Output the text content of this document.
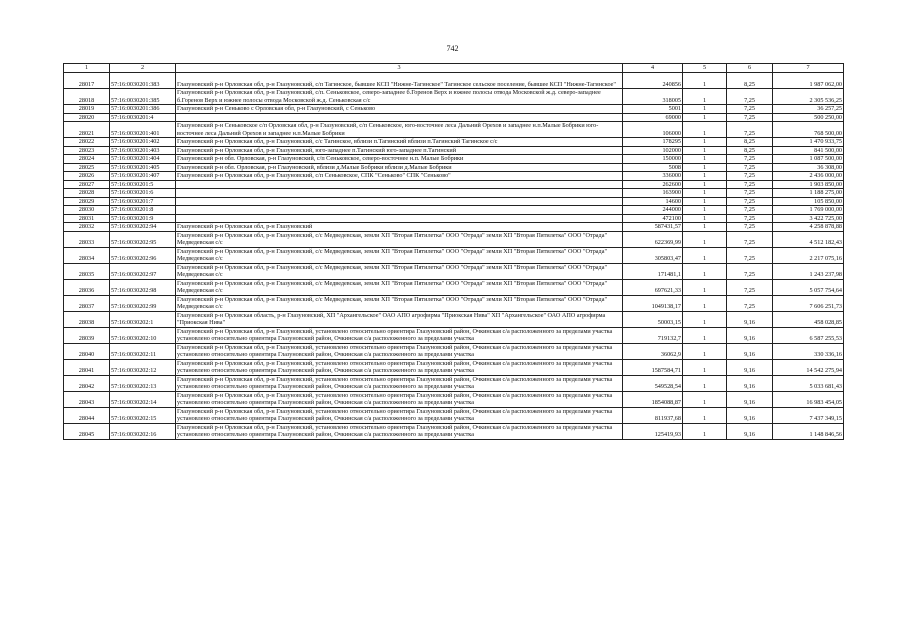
742
1	2	3	4	5	6	7
28017	57:16:0030201:383	Глазуновский р-н Орловская обл, р-н Глазуновский, с/п Тагинское, бывшее КСП "Нижне-Тагинское" Тагинское сельское поселение, бывшее КСП "Нижне-Тагинское"	240856	1	8,25	1 987 062,00
28018	57:16:0030201:385	Глазуновский р-н Орловская обл, р-н Глазуновский, с/п. Сеньковское, северо-западнее б.Горенов Верх и южнее полосы отвода Московской ж.д. северо-западнее б.Горенов Верх и южнее полосы отвода Московской ж.д. Сеньковская с/с	318005	1	7,25	2 305 536,25
28019	57:16:0030201:386	Глазуновский р-н Сеньково с Орловская обл, р-н Глазуновский, с Сеньково	5001	1	7,25	36 257,25
28020	57:16:0030201:4		69000	1	7,25	500 250,00
28021	57:16:0030201:401	Глазуновский р-н Сеньковское с/п Орловская обл, р-н Глазуновский, с/п Сеньковское, юго-восточнее леса Дальний Орехов и западнее н.п.Малые Бобрики юго-восточнее леса Дальний Орехов и западнее н.п.Малые Бобрики	106000	1	7,25	768 500,00
28022	57:16:0030201:402	Глазуновский р-н Орловская обл, р-н Глазуновский, с/с Тагинское, вблизи п.Тагинский вблизи п.Тагинский Тагинское с/с	178295	1	8,25	1 470 933,75
28023	57:16:0030201:403	Глазуновский р-н Орловская обл, р-н Глазуновский, юго-западнее п.Тагинский юго-западнее п.Тагинский	102000	1	8,25	841 500,00
28024	57:16:0030201:404	Глазуновский р-н обл. Орловская, р-н Глазуновский, с/п Сеньковское, северо-восточнее н.п. Малые Бобрики	150000	1	7,25	1 087 500,00
28025	57:16:0030201:405	Глазуновский р-н обл. Орловская, р-н Глазуновский, вблизи д.Малые Бобрики вблизи д.Малые Бобрики	5008	1	7,25	36 308,00
28026	57:16:0030201:407	Глазуновский р-н Орловская обл, р-н Глазуновский, с/п Сеньковское, СПК "Сеньково" СПК "Сеньково"	336000	1	7,25	2 436 000,00
28027	57:16:0030201:5		262600	1	7,25	1 903 850,00
28028	57:16:0030201:6		163900	1	7,25	1 188 275,00
28029	57:16:0030201:7		14600	1	7,25	105 850,00
28030	57:16:0030201:8		244000	1	7,25	1 769 000,00
28031	57:16:0030201:9		472100	1	7,25	3 422 725,00
28032	57:16:0030202:94	Глазуновский р-н Орловская обл, р-н Глазуновский	587431,57	1	7,25	4 258 878,88
28033	57:16:0030202:95	Глазуновский р-н Орловская обл, р-н Глазуновский, с/с Медведевская, земли ХП "Вторая Пятилетка" ООО "Отрада" земли ХП "Вторая Пятилетка" ООО "Отрада" Медведевская с/с	622369,99	1	7,25	4 512 182,43
28034	57:16:0030202:96	Глазуновский р-н Орловская обл, р-н Глазуновский, с/с Медведевская, земли ХП "Вторая Пятилетка" ООО "Отрада" земли ХП "Вторая Пятилетка" ООО "Отрада" Медведевская с/с	305803,47	1	7,25	2 217 075,16
28035	57:16:0030202:97	Глазуновский р-н Орловская обл, р-н Глазуновский, с/с Медведевская, земли ХП "Вторая Пятилетка" ООО "Отрада" земли ХП "Вторая Пятилетка" ООО "Отрада" Медведевская с/с	171481,1	1	7,25	1 243 237,98
28036	57:16:0030202:98	Глазуновский р-н Орловская обл, р-н Глазуновский, с/с Медведевская, земли ХП "Вторая Пятилетка" ООО "Отрада" земли ХП "Вторая Пятилетка" ООО "Отрада" Медведевская с/с	697621,33	1	7,25	5 057 754,64
28037	57:16:0030202:99	Глазуновский р-н Орловская обл, р-н Глазуновский, с/с Медведевская, земли ХП "Вторая Пятилетка" ООО "Отрада" земли ХП "Вторая Пятилетка" ООО "Отрада" Медведевская с/с	1049138,17	1	7,25	7 606 251,73
28038	57:16:0030202:1	Глазуновский р-н Орловская область, р-н Глазуновский, ХП "Архангельское" ОАО АПО агрофирма "Приокская Нива" ХП "Архангельское" ОАО АПО агрофирма "Приокская Нива"	50003,15	1	9,16	458 028,85
28039	57:16:0030202:10	Глазуновский р-н Орловская обл, р-н Глазуновский, установлено относительно ориентира Глазуновский район, Очкинская с/а расположенного за пределами участка установлено относительно ориентира Глазуновский район, Очкинская с/а расположенного за пределами участка	719132,7	1	9,16	6 587 255,53
28040	57:16:0030202:11	Глазуновский р-н Орловская обл, р-н Глазуновский, установлено относительно ориентира Глазуновский район, Очкинская с/а расположенного за пределами участка установлено относительно ориентира Глазуновский район, Очкинская с/а расположенного за пределами участка	36062,9	1	9,16	330 336,16
28041	57:16:0030202:12	Глазуновский р-н Орловская обл, р-н Глазуновский, установлено относительно ориентира Глазуновский район, Очкинская с/а расположенного за пределами участка установлено относительно ориентира Глазуновский район, Очкинская с/а расположенного за пределами участка	1587584,71	1	9,16	14 542 275,94
28042	57:16:0030202:13	Глазуновский р-н Орловская обл, р-н Глазуновский, установлено относительно ориентира Глазуновский район, Очкинская с/а расположенного за пределами участка установлено относительно ориентира Глазуновский район, Очкинская с/а расположенного за пределами участка	549528,54	1	9,16	5 033 681,43
28043	57:16:0030202:14	Глазуновский р-н Орловская обл, р-н Глазуновский, установлено относительно ориентира Глазуновский район, Очкинская с/а расположенного за пределами участка установлено относительно ориентира Глазуновский район, Очкинская с/а расположенного за пределами участка	1854088,87	1	9,16	16 983 454,05
28044	57:16:0030202:15	Глазуновский р-н Орловская обл, р-н Глазуновский, установлено относительно ориентира Глазуновский район, Очкинская с/а расположенного за пределами участка установлено относительно ориентира Глазуновский район, Очкинская с/а расположенного за пределами участка	811937,68	1	9,16	7 437 349,15
28045	57:16:0030202:16	Глазуновский р-н Орловская обл, р-н Глазуновский, установлено относительно ориентира Глазуновский район, Очкинская с/а расположенного за пределами участка установлено относительно ориентира Глазуновский район, Очкинская с/а расположенного за пределами участка	125419,93	1	9,16	1 148 846,56
